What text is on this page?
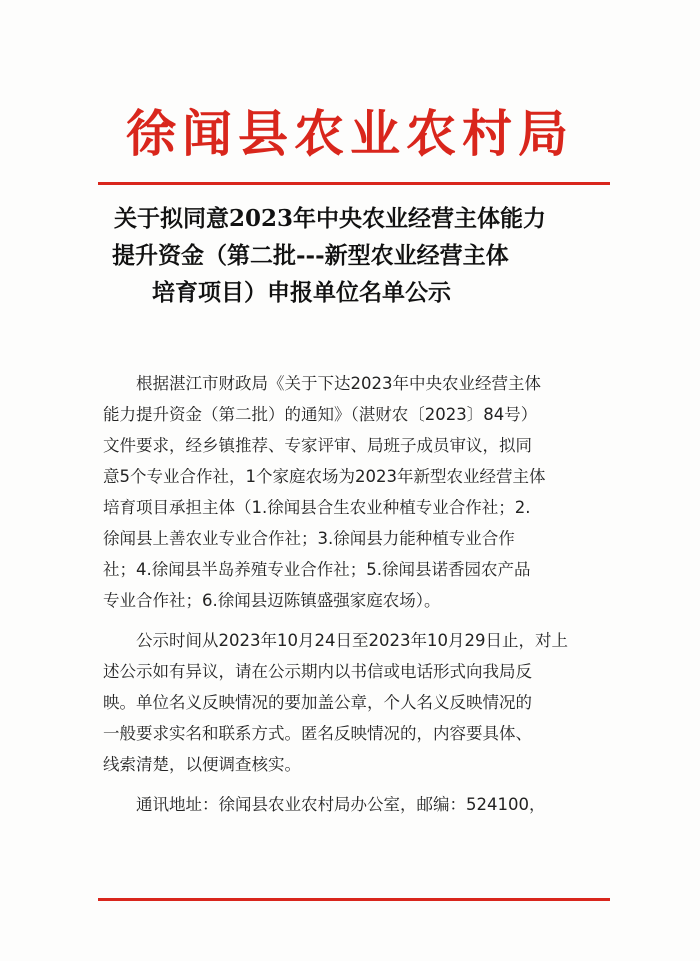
徐闻县农业农村局
关于拟同意2023年中央农业经营主体能力
提升资金（第二批---新型农业经营主体
培育项目）申报单位名单公示
根据湛江市财政局《关于下达2023年中央农业经营主体
能力提升资金（第二批）的通知》（湛财农〔2023〕84号）
文件要求，经乡镇推荐、专家评审、局班子成员审议，拟同
意5个专业合作社，1个家庭农场为2023年新型农业经营主体
培育项目承担主体（1.徐闻县合生农业种植专业合作社；2.
徐闻县上善农业专业合作社；3.徐闻县力能种植专业合作
社；4.徐闻县半岛养殖专业合作社；5.徐闻县诺香园农产品
专业合作社；6.徐闻县迈陈镇盛强家庭农场）。
公示时间从2023年10月24日至2023年10月29日止，对上
述公示如有异议，请在公示期内以书信或电话形式向我局反
映。单位名义反映情况的要加盖公章，个人名义反映情况的
一般要求实名和联系方式。匿名反映情况的，内容要具体、
线索清楚，以便调查核实。
通讯地址：徐闻县农业农村局办公室，邮编：524100，
